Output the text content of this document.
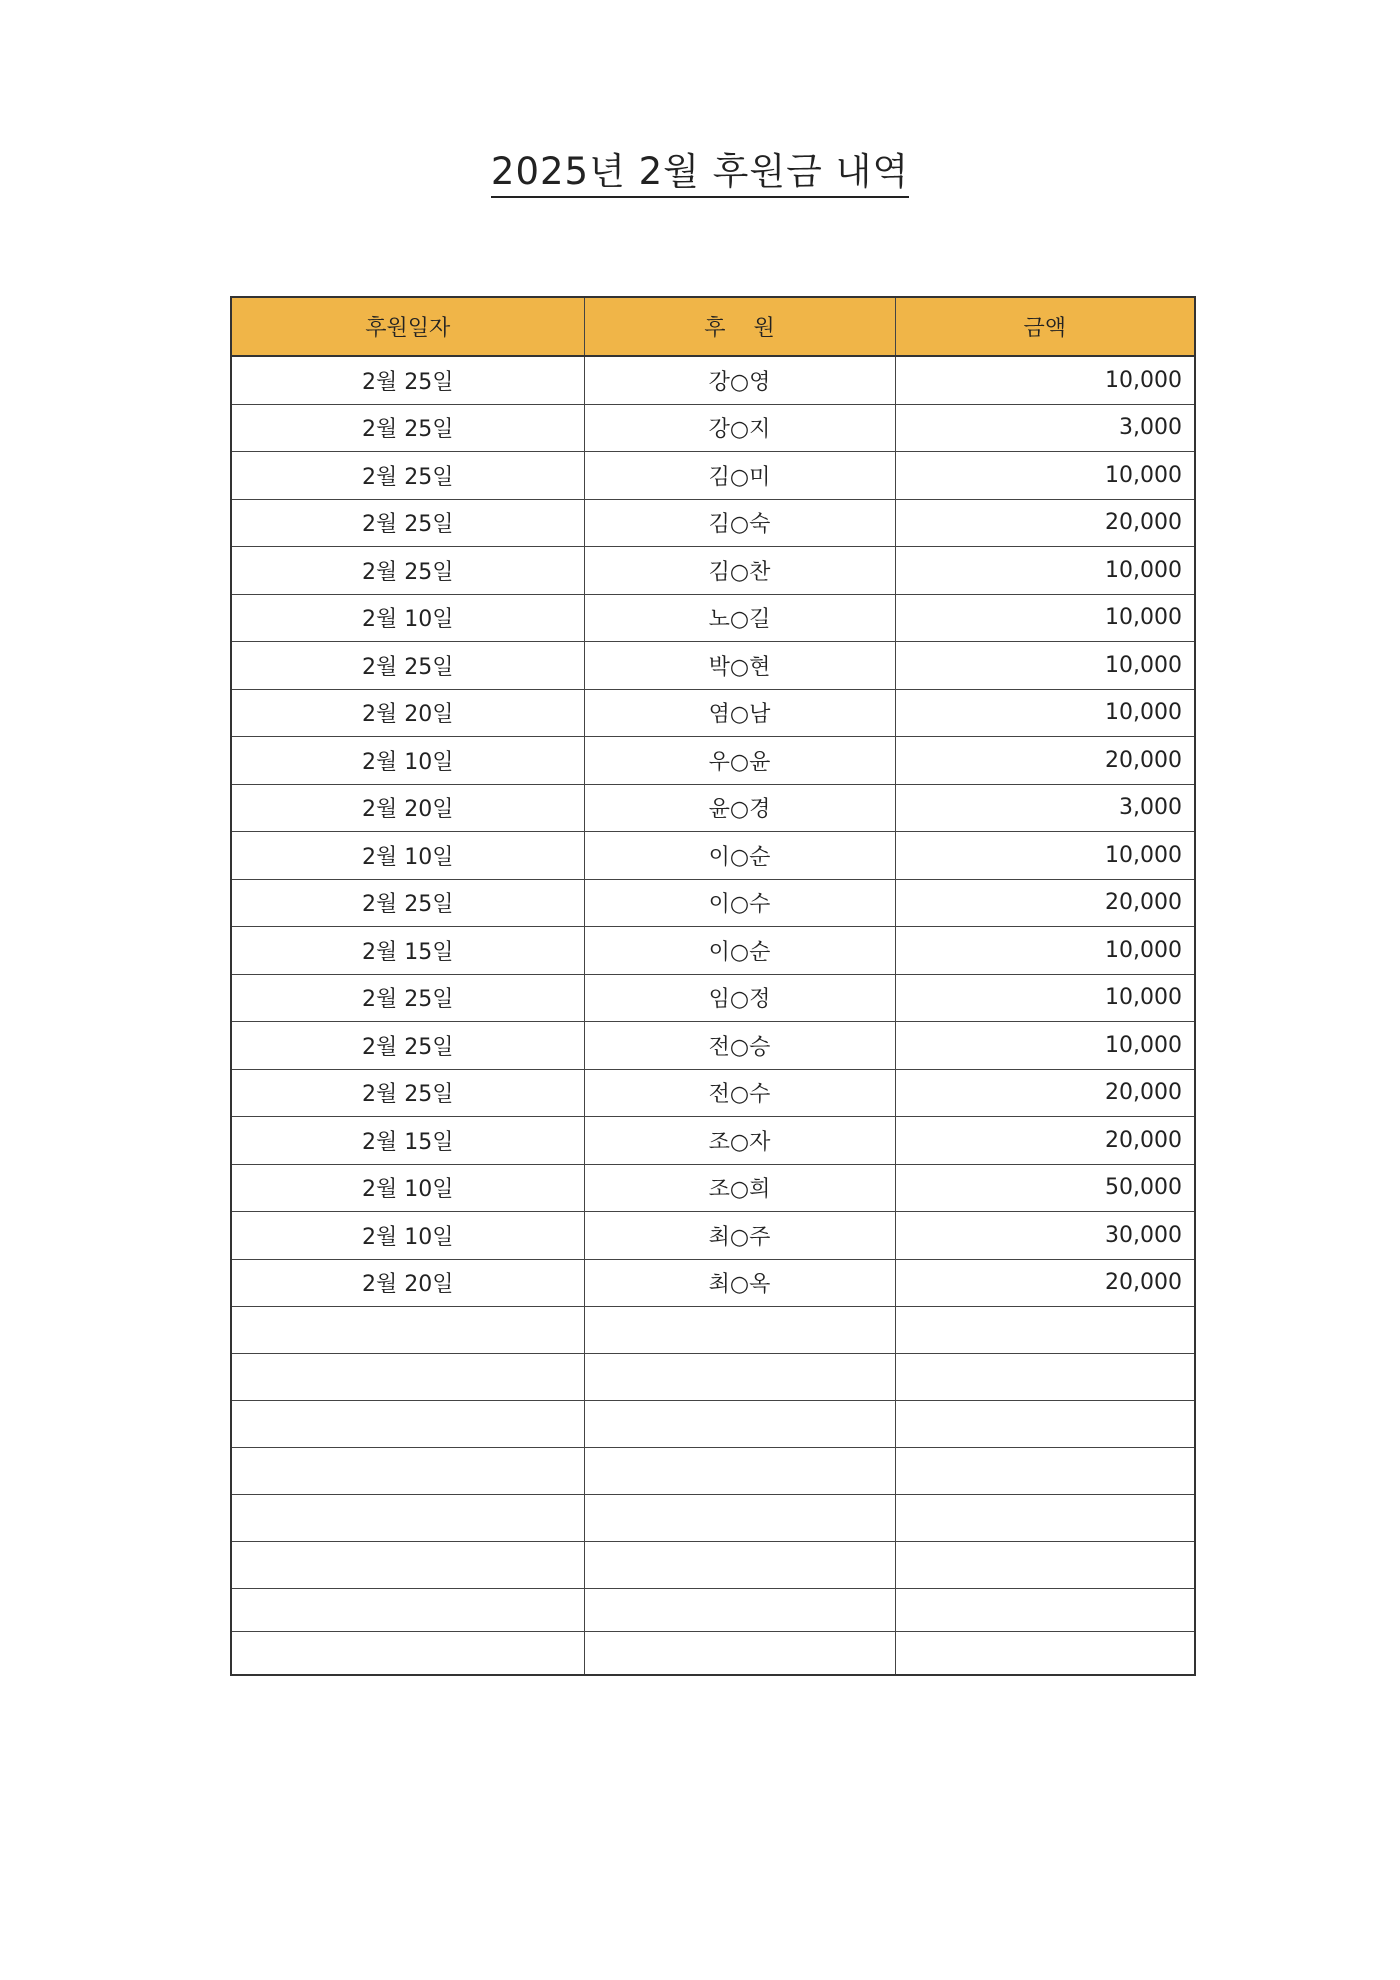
2025년 2월 후원금 내역
후원일자	후    원	금액
2월 25일	강○영	10,000
2월 25일	강○지	3,000
2월 25일	김○미	10,000
2월 25일	김○숙	20,000
2월 25일	김○찬	10,000
2월 10일	노○길	10,000
2월 25일	박○현	10,000
2월 20일	염○남	10,000
2월 10일	우○윤	20,000
2월 20일	윤○경	3,000
2월 10일	이○순	10,000
2월 25일	이○수	20,000
2월 15일	이○순	10,000
2월 25일	임○정	10,000
2월 25일	전○승	10,000
2월 25일	전○수	20,000
2월 15일	조○자	20,000
2월 10일	조○희	50,000
2월 10일	최○주	30,000
2월 20일	최○옥	20,000
